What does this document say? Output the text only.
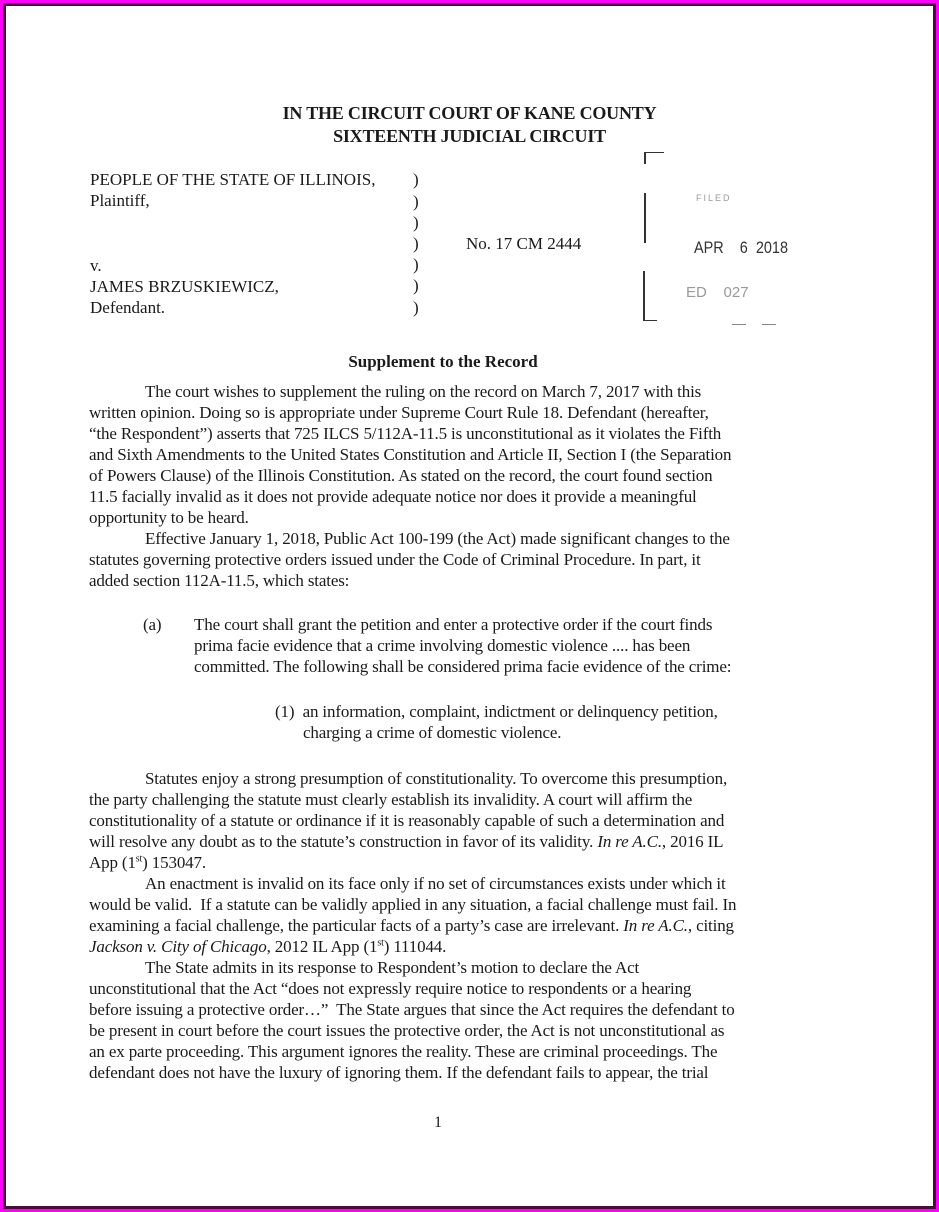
IN THE CIRCUIT COURT OF KANE COUNTY
SIXTEENTH JUDICIAL CIRCUIT
PEOPLE OF THE STATE OF ILLINOIS,
Plaintiff,
v.
JAMES BRZUSKIEWICZ,
Defendant.
)
)
)
)
)
)
)
No. 17 CM 2444
FILED
APR    6  2018
ED    027
Supplement to the Record
The court wishes to supplement the ruling on the record on March 7, 2017 with this
written opinion. Doing so is appropriate under Supreme Court Rule 18. Defendant (hereafter,
“the Respondent”) asserts that 725 ILCS 5/112A-11.5 is unconstitutional as it violates the Fifth
and Sixth Amendments to the United States Constitution and Article II, Section I (the Separation
of Powers Clause) of the Illinois Constitution. As stated on the record, the court found section
11.5 facially invalid as it does not provide adequate notice nor does it provide a meaningful
opportunity to be heard.
Effective January 1, 2018, Public Act 100-199 (the Act) made significant changes to the
statutes governing protective orders issued under the Code of Criminal Procedure. In part, it
added section 112A-11.5, which states:
(a) The court shall grant the petition and enter a protective order if the court finds
prima facie evidence that a crime involving domestic violence .... has been
committed. The following shall be considered prima facie evidence of the crime:
(1)  an information, complaint, indictment or delinquency petition,
charging a crime of domestic violence.
Statutes enjoy a strong presumption of constitutionality. To overcome this presumption,
the party challenging the statute must clearly establish its invalidity. A court will affirm the
constitutionality of a statute or ordinance if it is reasonably capable of such a determination and
will resolve any doubt as to the statute’s construction in favor of its validity. In re A.C., 2016 IL
App (1st) 153047.
An enactment is invalid on its face only if no set of circumstances exists under which it
would be valid.  If a statute can be validly applied in any situation, a facial challenge must fail. In
examining a facial challenge, the particular facts of a party’s case are irrelevant. In re A.C., citing
Jackson v. City of Chicago, 2012 IL App (1st) 111044.
The State admits in its response to Respondent’s motion to declare the Act
unconstitutional that the Act “does not expressly require notice to respondents or a hearing
before issuing a protective order…”  The State argues that since the Act requires the defendant to
be present in court before the court issues the protective order, the Act is not unconstitutional as
an ex parte proceeding. This argument ignores the reality. These are criminal proceedings. The
defendant does not have the luxury of ignoring them. If the defendant fails to appear, the trial
1
